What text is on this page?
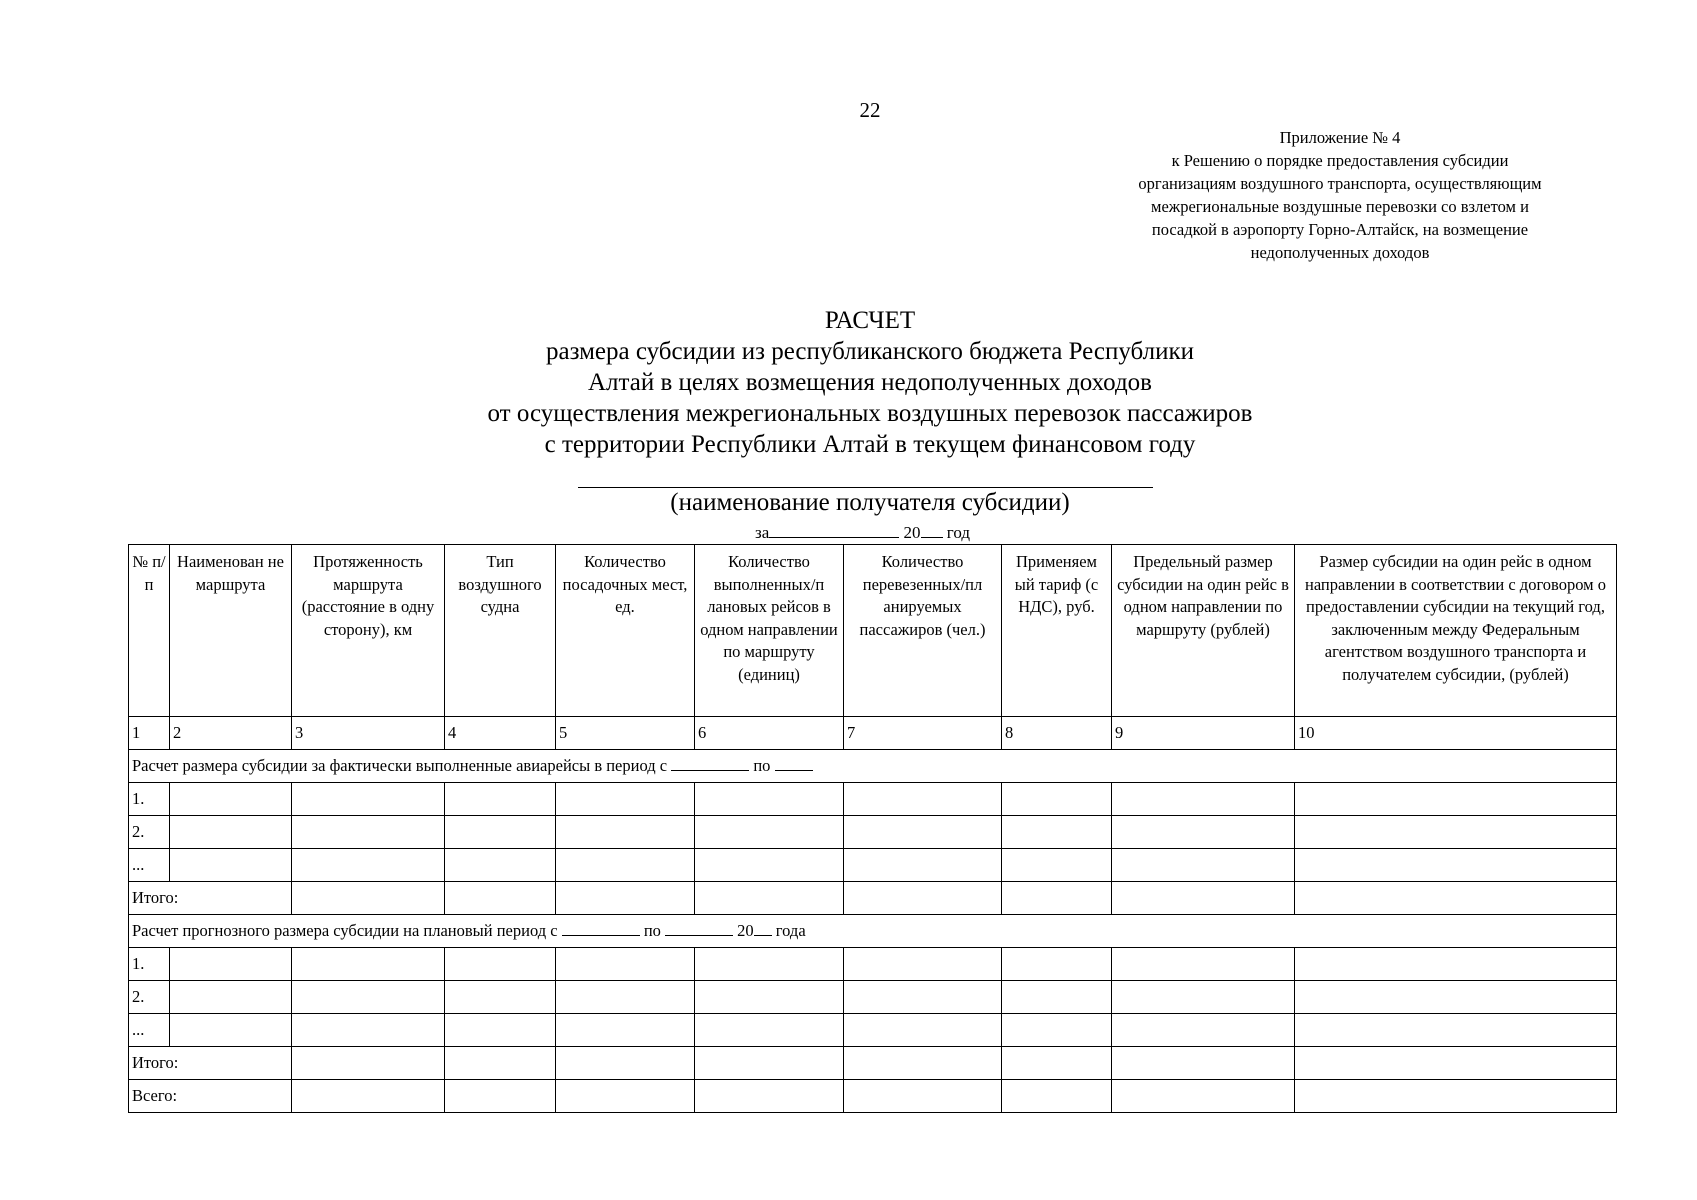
22
Приложение № 4
к Решению о порядке предоставления субсидии
организациям воздушного транспорта, осуществляющим
межрегиональные воздушные перевозки со взлетом и
посадкой в аэропорту Горно-Алтайск, на возмещение
недополученных доходов
РАСЧЕТ
размера субсидии из республиканского бюджета Республики
Алтай в целях возмещения недополученных доходов
от осуществления межрегиональных воздушных перевозок пассажиров
с территории Республики Алтай в текущем финансовом году
(наименование получателя субсидии)
за	20 год
№ п/п	Наименован не маршрута	Протяженность маршрута (расстояние в одну сторону), км	Тип воздушного судна	Количество посадочных мест, ед.	Количество выполненных/п лановых рейсов в одном направлении по маршруту (единиц)	Количество перевезенных/пл анируемых пассажиров (чел.)	Применяем ый тариф (с НДС), руб.	Предельный размер субсидии на один рейс в одном направлении по маршруту (рублей)	Размер субсидии на один рейс в одном направлении в соответствии с договором о предоставлении субсидии на текущий год, заключенным между Федеральным агентством воздушного транспорта и получателем субсидии, (рублей)
1	2	3	4	5	6	7	8	9	10
Расчет размера субсидии за фактически выполненные авиарейсы в период с по									
1.									
2.									
...									
Итого:									
Расчет прогнозного размера субсидии на плановый период с по 20 года									
1.									
2.									
...									
Итого:									
Всего:									
